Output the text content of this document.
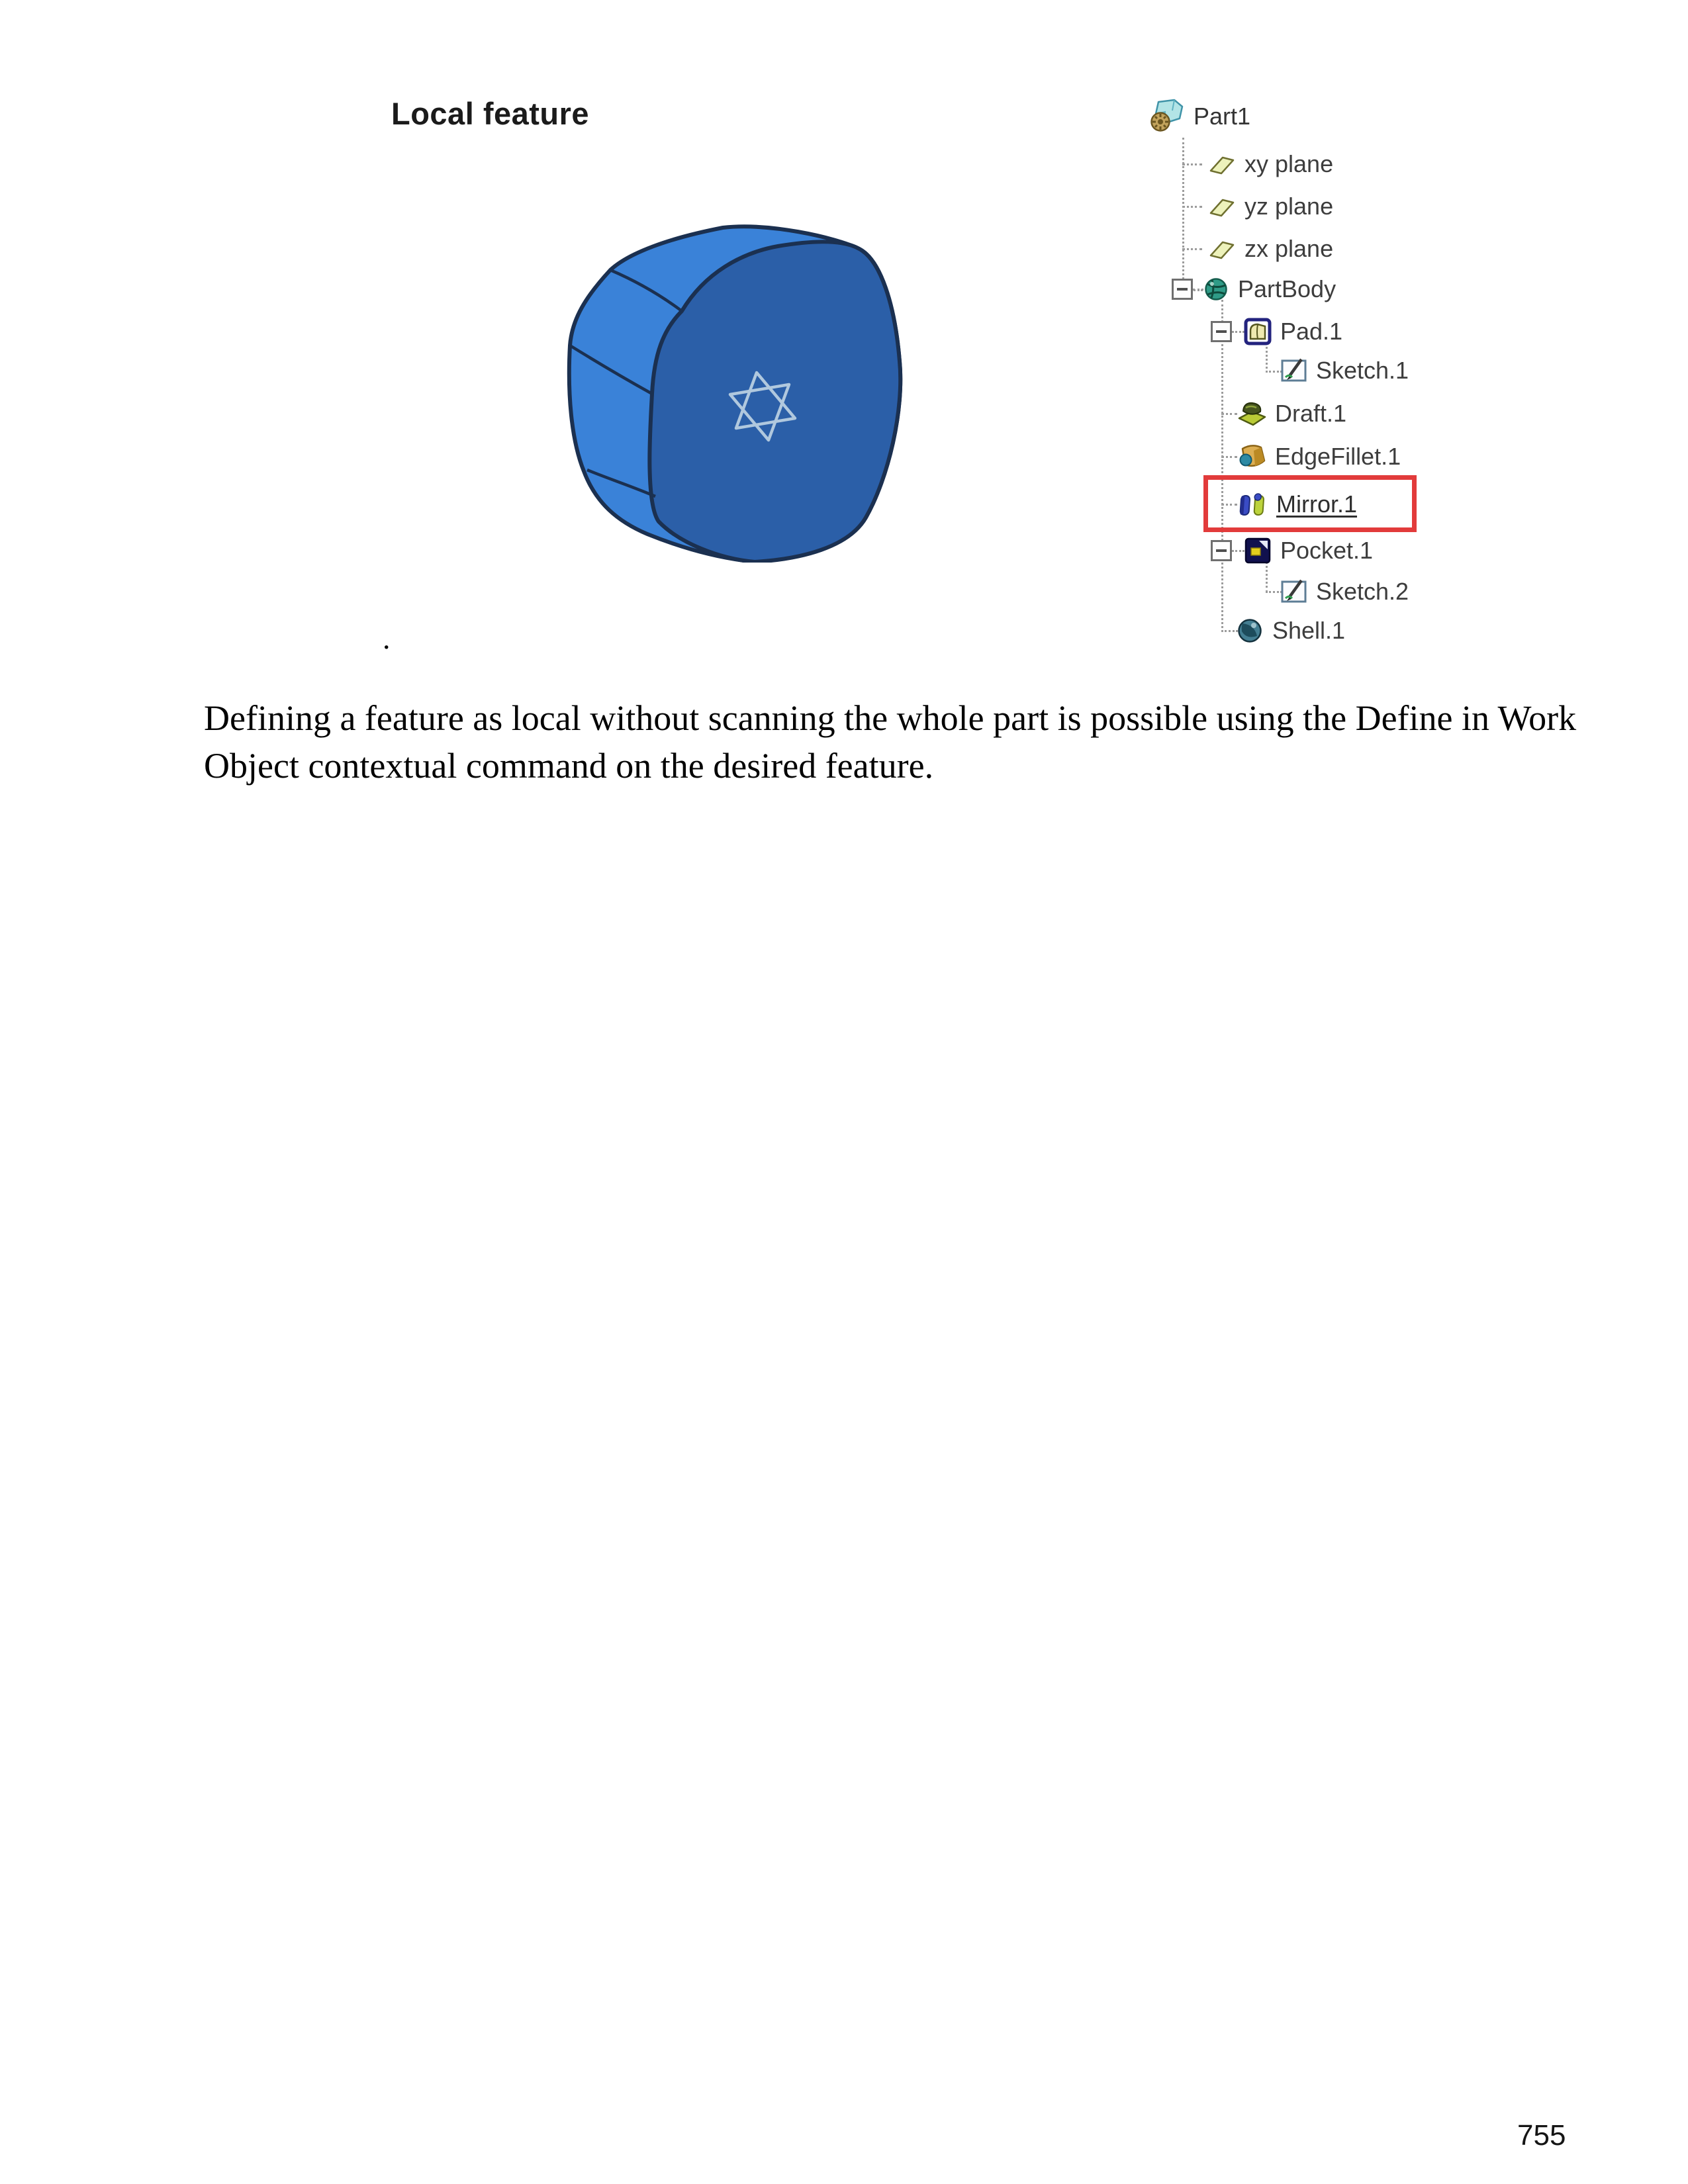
Local feature
.
Part1
xy plane
yz plane
zx plane
PartBody
Pad.1
Sketch.1
Draft.1
EdgeFillet.1
Mirror.1
Pocket.1
Sketch.2
Shell.1
Defining a feature as local without scanning the whole part is possible using the Define in Work Object contextual command on the desired feature.
755
